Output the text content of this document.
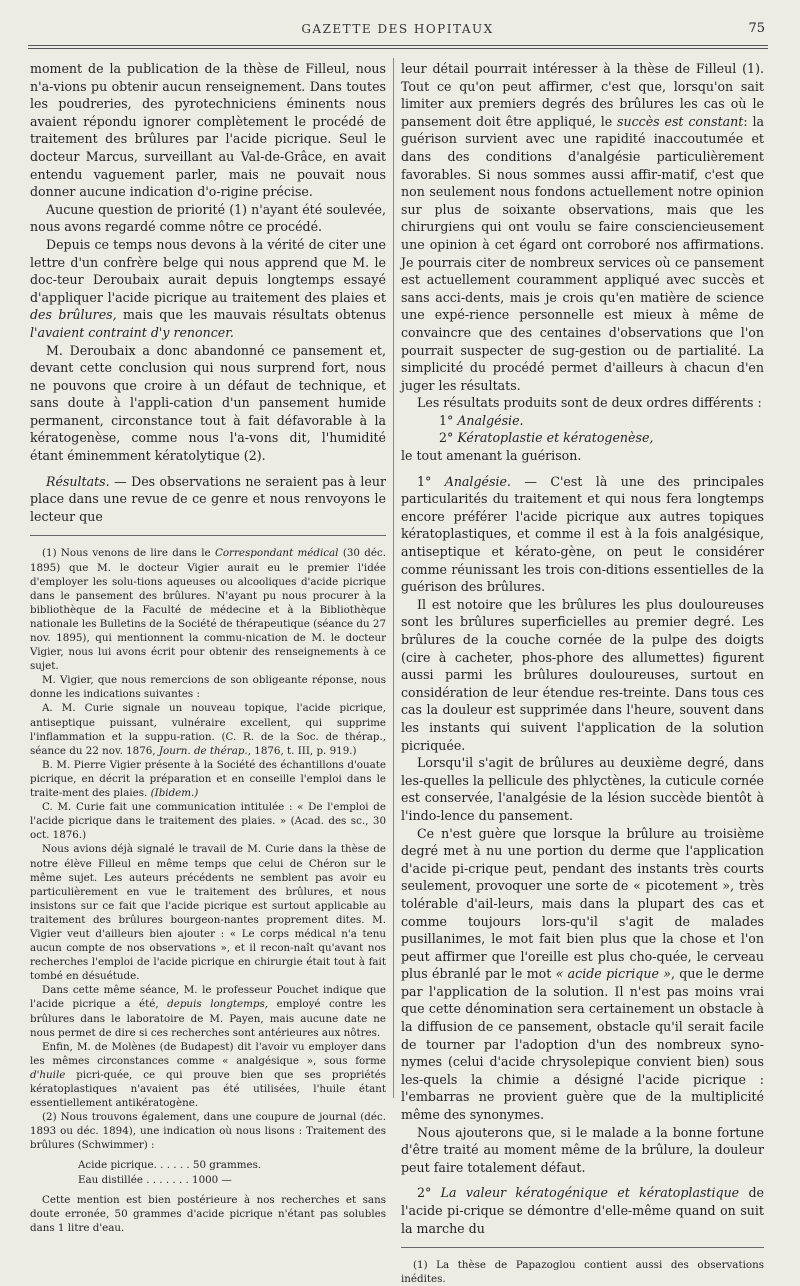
GAZETTE DES HOPITAUX	75

moment de la publication de la thèse de Filleul, nous n'a-vions pu obtenir aucun renseignement. Dans toutes les poudreries, des pyrotechniciens éminents nous avaient répondu ignorer complètement le procédé de traitement des brûlures par l'acide picrique. Seul le docteur Marcus, surveillant au Val-de-Grâce, en avait entendu vaguement parler, mais ne pouvait nous donner aucune indication d'o-rigine précise.

Aucune question de priorité (1) n'ayant été soulevée, nous avons regardé comme nôtre ce procédé.

Depuis ce temps nous devons à la vérité de citer une lettre d'un confrère belge qui nous apprend que M. le doc-teur Deroubaix aurait depuis longtemps essayé d'appliquer l'acide picrique au traitement des plaies et des brûlures, mais que les mauvais résultats obtenus l'avaient contraint d'y renoncer.

M. Deroubaix a donc abandonné ce pansement et, devant cette conclusion qui nous surprend fort, nous ne pouvons que croire à un défaut de technique, et sans doute à l'appli-cation d'un pansement humide permanent, circonstance tout à fait défavorable à la kératogenèse, comme nous l'a-vons dit, l'humidité étant éminemment kératolytique (2).

Résultats. — Des observations ne seraient pas à leur place dans une revue de ce genre et nous renvoyons le lecteur que

(1) Nous venons de lire dans le Correspondant médical (30 déc. 1895) que M. le docteur Vigier aurait eu le premier l'idée d'employer les solu-tions aqueuses ou alcooliques d'acide picrique dans le pansement des brûlures. N'ayant pu nous procurer à la bibliothèque de la Faculté de médecine et à la Bibliothèque nationale les Bulletins de la Société de thérapeutique (séance du 27 nov. 1895), qui mentionnent la commu-nication de M. le docteur Vigier, nous lui avons écrit pour obtenir des renseignements à ce sujet.

M. Vigier, que nous remercions de son obligeante réponse, nous donne les indications suivantes :

A. M. Curie signale un nouveau topique, l'acide picrique, antiseptique puissant, vulnéraire excellent, qui supprime l'inflammation et la suppu-ration. (C. R. de la Soc. de thérap., séance du 22 nov. 1876, Journ. de thérap., 1876, t. III, p. 919.)

B. M. Pierre Vigier présente à la Société des échantillons d'ouate picrique, en décrit la préparation et en conseille l'emploi dans le traite-ment des plaies. (Ibidem.)

C. M. Curie fait une communication intitulée : « De l'emploi de l'acide picrique dans le traitement des plaies. » (Acad. des sc., 30 oct. 1876.)

Nous avions déjà signalé le travail de M. Curie dans la thèse de notre élève Filleul en même temps que celui de Chéron sur le même sujet. Les auteurs précédents ne semblent pas avoir eu particulièrement en vue le traitement des brûlures, et nous insistons sur ce fait que l'acide picrique est surtout applicable au traitement des brûlures bourgeon-nantes proprement dites. M. Vigier veut d'ailleurs bien ajouter : « Le corps médical n'a tenu aucun compte de nos observations », et il recon-naît qu'avant nos recherches l'emploi de l'acide picrique en chirurgie était tout à fait tombé en désuétude.

Dans cette même séance, M. le professeur Pouchet indique que l'acide picrique a été, depuis longtemps, employé contre les brûlures dans le laboratoire de M. Payen, mais aucune date ne nous permet de dire si ces recherches sont antérieures aux nôtres.

Enfin, M. de Molènes (de Budapest) dit l'avoir vu employer dans les mêmes circonstances comme « analgésique », sous forme d'huile picri-quée, ce qui prouve bien que ses propriétés kératoplastiques n'avaient pas été utilisées, l'huile étant essentiellement antikératogène.

(2) Nous trouvons également, dans une coupure de journal (déc. 1893 ou déc. 1894), une indication où nous lisons : Traitement des brûlures (Schwimmer) :

Acide picrique. . . . . . 50 grammes.
Eau distillée . . . . . . . 1000 —

Cette mention est bien postérieure à nos recherches et sans doute erronée, 50 grammes d'acide picrique n'étant pas solubles dans 1 litre d'eau.

leur détail pourrait intéresser à la thèse de Filleul (1). Tout ce qu'on peut affirmer, c'est que, lorsqu'on sait limiter aux premiers degrés des brûlures les cas où le pansement doit être appliqué, le succès est constant: la guérison survient avec une rapidité inaccoutumée et dans des conditions d'analgésie particulièrement favorables. Si nous sommes aussi affir-matif, c'est que non seulement nous fondons actuellement notre opinion sur plus de soixante observations, mais que les chirurgiens qui ont voulu se faire consciencieusement une opinion à cet égard ont corroboré nos affirmations. Je pourrais citer de nombreux services où ce pansement est actuellement couramment appliqué avec succès et sans acci-dents, mais je crois qu'en matière de science une expé-rience personnelle est mieux à même de convaincre que des centaines d'observations que l'on pourrait suspecter de sug-gestion ou de partialité. La simplicité du procédé permet d'ailleurs à chacun d'en juger les résultats.

Les résultats produits sont de deux ordres différents :

1° Analgésie.
2° Kératoplastie et kératogenèse,

le tout amenant la guérison.

1° Analgésie. — C'est là une des principales particularités du traitement et qui nous fera longtemps encore préférer l'acide picrique aux autres topiques kératoplastiques, et comme il est à la fois analgésique, antiseptique et kérato-gène, on peut le considérer comme réunissant les trois con-ditions essentielles de la guérison des brûlures.

Il est notoire que les brûlures les plus douloureuses sont les brûlures superficielles au premier degré. Les brûlures de la couche cornée de la pulpe des doigts (cire à cacheter, phos-phore des allumettes) figurent aussi parmi les brûlures douloureuses, surtout en considération de leur étendue res-treinte. Dans tous ces cas la douleur est supprimée dans l'heure, souvent dans les instants qui suivent l'application de la solution picriquée.

Lorsqu'il s'agit de brûlures au deuxième degré, dans les-quelles la pellicule des phlyctènes, la cuticule cornée est conservée, l'analgésie de la lésion succède bientôt à l'indo-lence du pansement.

Ce n'est guère que lorsque la brûlure au troisième degré met à nu une portion du derme que l'application d'acide pi-crique peut, pendant des instants très courts seulement, provoquer une sorte de « picotement », très tolérable d'ail-leurs, mais dans la plupart des cas et comme toujours lors-qu'il s'agit de malades pusillanimes, le mot fait bien plus que la chose et l'on peut affirmer que l'oreille est plus cho-quée, le cerveau plus ébranlé par le mot « acide picrique », que le derme par l'application de la solution. Il n'est pas moins vrai que cette dénomination sera certainement un obstacle à la diffusion de ce pansement, obstacle qu'il serait facile de tourner par l'adoption d'un des nombreux syno-nymes (celui d'acide chrysolepique convient bien) sous les-quels la chimie a désigné l'acide picrique : l'embarras ne provient guère que de la multiplicité même des synonymes.

Nous ajouterons que, si le malade a la bonne fortune d'être traité au moment même de la brûlure, la douleur peut faire totalement défaut.

2° La valeur kératogénique et kératoplastique de l'acide pi-crique se démontre d'elle-même quand on suit la marche du

(1) La thèse de Papazoglou contient aussi des observations inédites.
